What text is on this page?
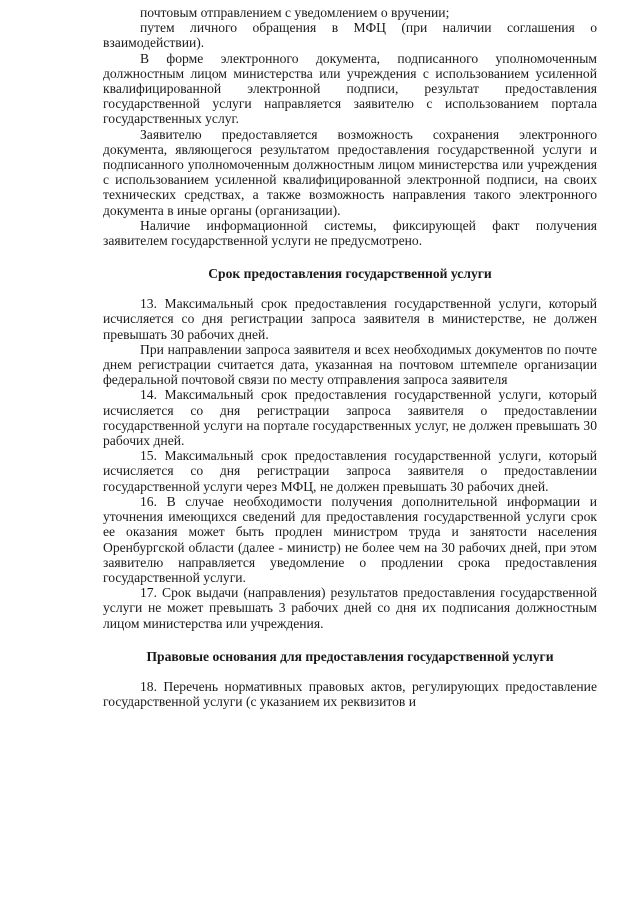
почтовым отправлением с уведомлением о вручении;

путем личного обращения в МФЦ (при наличии соглашения о взаимодействии).

В форме электронного документа, подписанного уполномоченным должностным лицом министерства или учреждения с использованием усиленной квалифицированной электронной подписи, результат предоставления государственной услуги направляется заявителю с использованием портала государственных услуг.

Заявителю предоставляется возможность сохранения электронного документа, являющегося результатом предоставления государственной услуги и подписанного уполномоченным должностным лицом министерства или учреждения с использованием усиленной квалифицированной электронной подписи, на своих технических средствах, а также возможность направления такого электронного документа в иные органы (организации).

Наличие информационной системы, фиксирующей факт получения заявителем государственной услуги не предусмотрено.

Срок предоставления государственной услуги

13. Максимальный срок предоставления государственной услуги, который исчисляется со дня регистрации запроса заявителя в министерстве, не должен превышать 30 рабочих дней.

При направлении запроса заявителя и всех необходимых документов по почте днем регистрации считается дата, указанная на почтовом штемпеле организации федеральной почтовой связи по месту отправления запроса заявителя

14. Максимальный срок предоставления государственной услуги, который исчисляется со дня регистрации запроса заявителя о предоставлении государственной услуги на портале государственных услуг, не должен превышать 30 рабочих дней.

15. Максимальный срок предоставления государственной услуги, который исчисляется со дня регистрации запроса заявителя о предоставлении государственной услуги через МФЦ, не должен превышать 30 рабочих дней.

16. В случае необходимости получения дополнительной информации и уточнения имеющихся сведений для предоставления государственной услуги срок ее оказания может быть продлен министром труда и занятости населения Оренбургской области (далее - министр) не более чем на 30 рабочих дней, при этом заявителю направляется уведомление о продлении срока предоставления государственной услуги.

17. Срок выдачи (направления) результатов предоставления государственной услуги не может превышать 3 рабочих дней со дня их подписания должностным лицом министерства или учреждения.

Правовые основания для предоставления государственной услуги

18. Перечень нормативных правовых актов, регулирующих предоставление государственной услуги (с указанием их реквизитов и
